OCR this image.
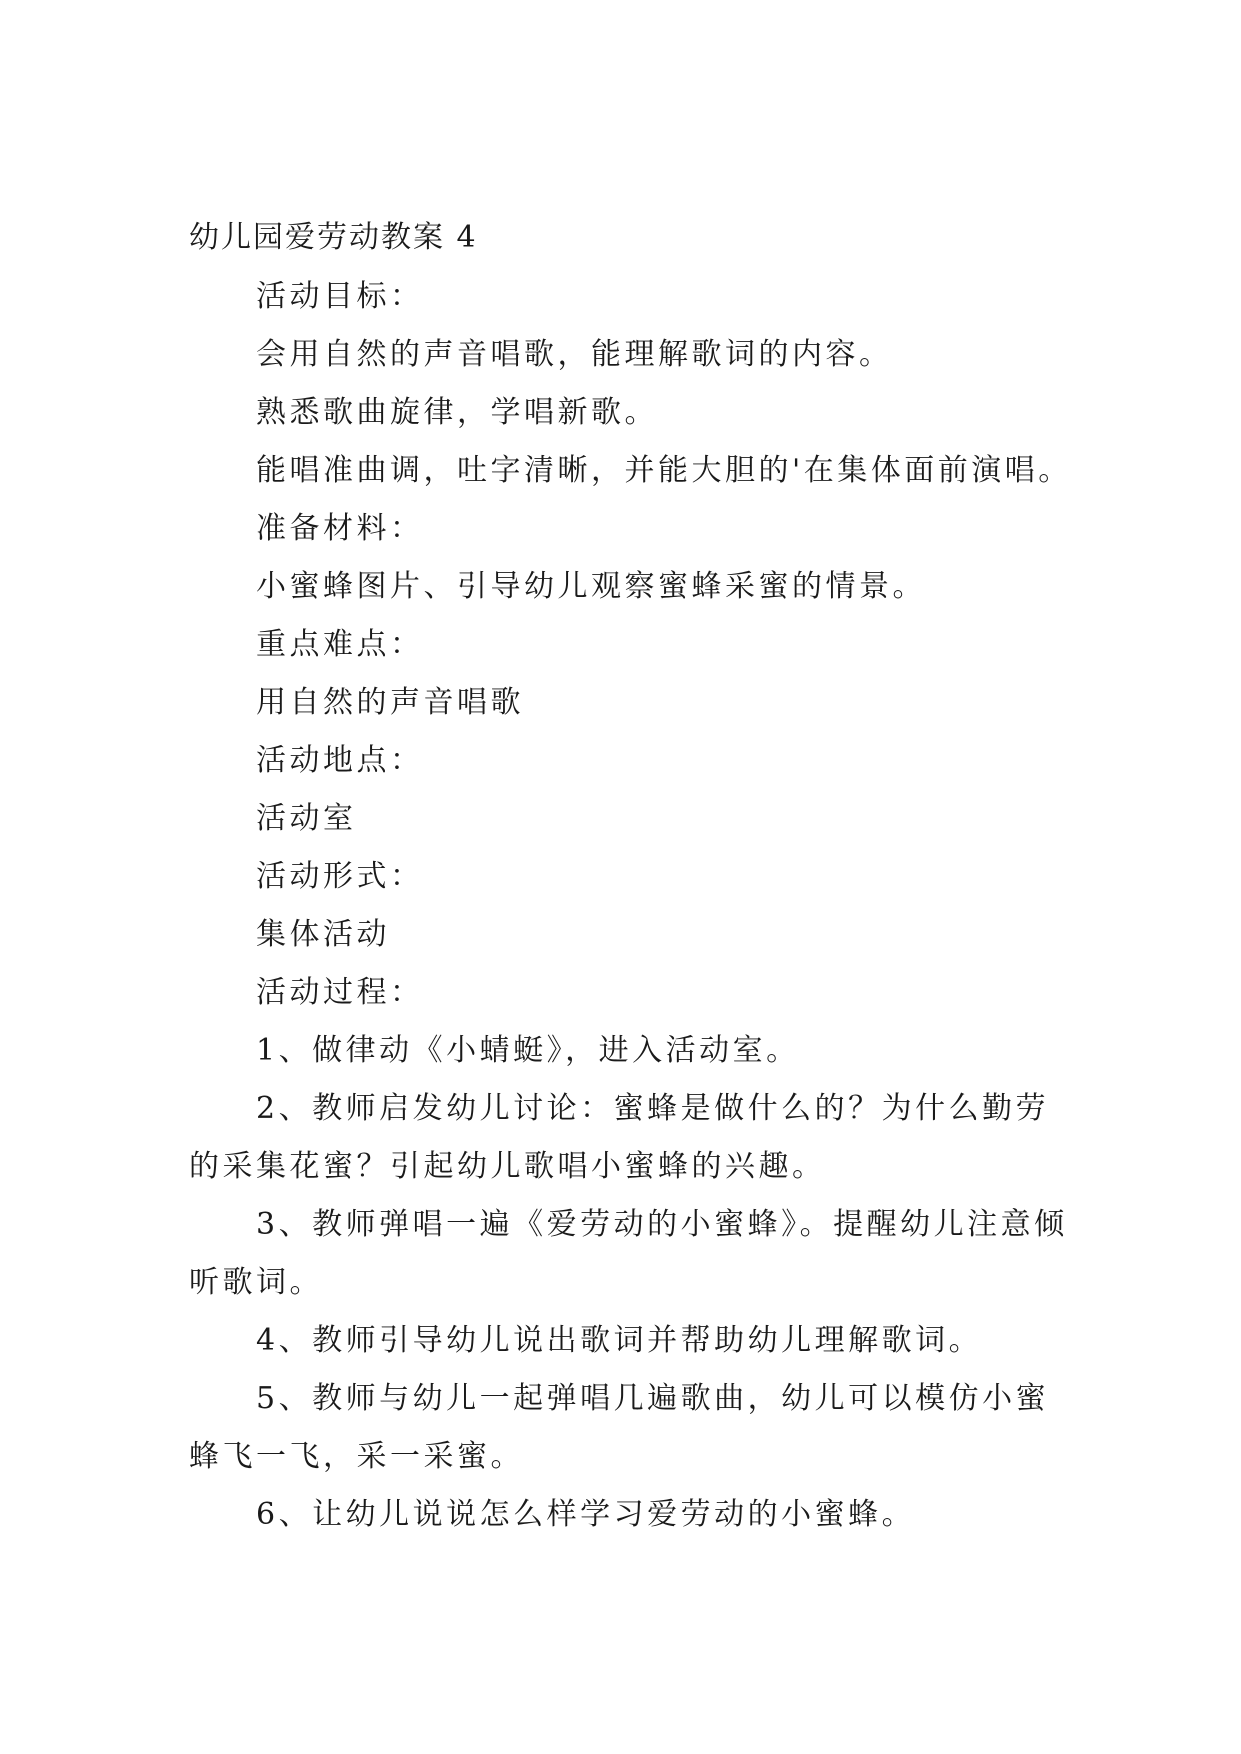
幼儿园爱劳动教案 4
活动目标：
会用自然的声音唱歌，能理解歌词的内容。
熟悉歌曲旋律，学唱新歌。
能唱准曲调，吐字清晰，并能大胆的'在集体面前演唱。
准备材料：
小蜜蜂图片、引导幼儿观察蜜蜂采蜜的情景。
重点难点：
用自然的声音唱歌
活动地点：
活动室
活动形式：
集体活动
活动过程：
1、做律动《小蜻蜓》，进入活动室。
2、教师启发幼儿讨论：蜜蜂是做什么的？为什么勤劳
的采集花蜜？引起幼儿歌唱小蜜蜂的兴趣。
3、教师弹唱一遍《爱劳动的小蜜蜂》。提醒幼儿注意倾
听歌词。
4、教师引导幼儿说出歌词并帮助幼儿理解歌词。
5、教师与幼儿一起弹唱几遍歌曲，幼儿可以模仿小蜜
蜂飞一飞，采一采蜜。
6、让幼儿说说怎么样学习爱劳动的小蜜蜂。
